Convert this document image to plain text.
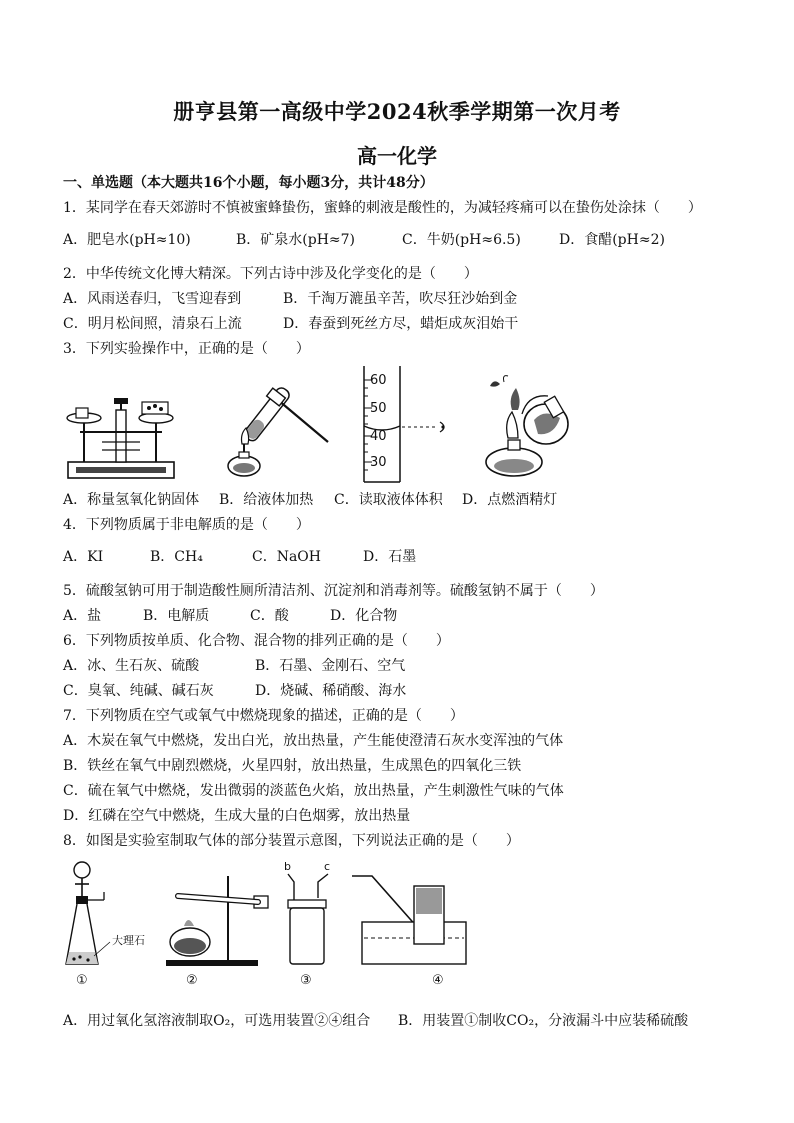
册亨县第一高级中学2024秋季学期第一次月考
高一化学
一、单选题（本大题共16个小题，每小题3分，共计48分）
1．某同学在春天郊游时不慎被蜜蜂蛰伤，蜜蜂的刺液是酸性的，为减轻疼痛可以在蛰伤处涂抹（　　）
A．肥皂水(pH≈10)	B．矿泉水(pH≈7)	C．牛奶(pH≈6.5)	D．食醋(pH≈2)
2．中华传统文化博大精深。下列古诗中涉及化学变化的是（　　）
A．风雨送春归，飞雪迎春到	B．千淘万漉虽辛苦，吹尽狂沙始到金
C．明月松间照，清泉石上流	D．春蚕到死丝方尽，蜡炬成灰泪始干
3．下列实验操作中，正确的是（　　）
60
50
40
30
A．称量氢氧化钠固体 B．给液体加热 C．读取液体体积 D．点燃酒精灯
4．下列物质属于非电解质的是（　　）
A．KI	B．CH₄	C．NaOH	D．石墨
5．硫酸氢钠可用于制造酸性厕所清洁剂、沉淀剂和消毒剂等。硫酸氢钠不属于（　　）
A．盐	B．电解质	C．酸	D．化合物
6．下列物质按单质、化合物、混合物的排列正确的是（　　）
A．冰、生石灰、硫酸	B．石墨、金刚石、空气
C．臭氧、纯碱、碱石灰	D．烧碱、稀硝酸、海水
7．下列物质在空气或氧气中燃烧现象的描述，正确的是（　　）
A．木炭在氧气中燃烧，发出白光，放出热量，产生能使澄清石灰水变浑浊的气体
B．铁丝在氧气中剧烈燃烧，火星四射，放出热量，生成黑色的四氧化三铁
C．硫在氧气中燃烧，发出微弱的淡蓝色火焰，放出热量，产生刺激性气味的气体
D．红磷在空气中燃烧，生成大量的白色烟雾，放出热量
8．如图是实验室制取气体的部分装置示意图，下列说法正确的是（　　）
大理石
①	②
b	c
③	④
A．用过氧化氢溶液制取O₂，可选用装置②④组合 B．用装置①制收CO₂，分液漏斗中应装稀硫酸
